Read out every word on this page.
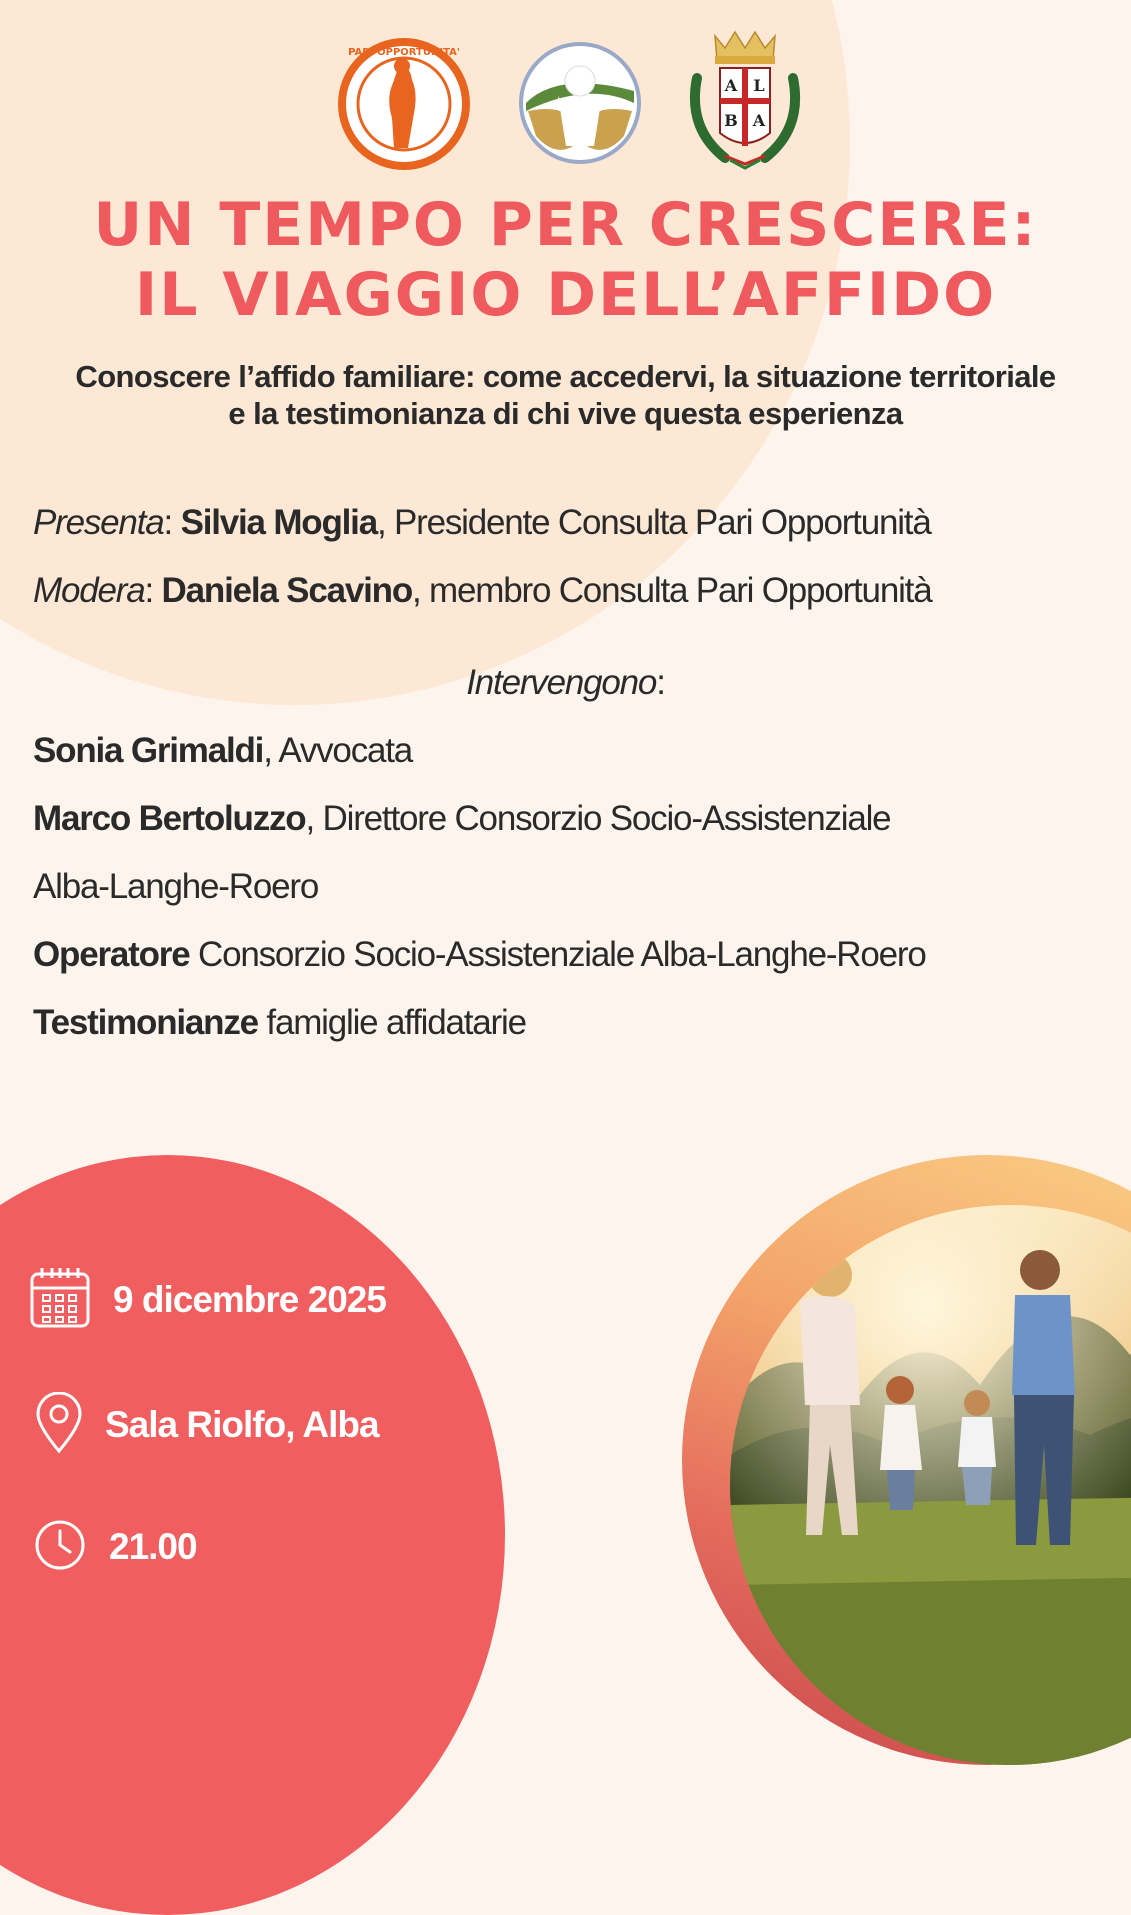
PARI OPPORTUNITA'
A L
B A
UN TEMPO PER CRESCERE:
IL VIAGGIO DELL’AFFIDO
Conoscere l’affido familiare: come accedervi, la situazione territoriale
e la testimonianza di chi vive questa esperienza
Presenta: Silvia Moglia, Presidente Consulta Pari Opportunità
Modera: Daniela Scavino, membro Consulta Pari Opportunità
Intervengono:
Sonia Grimaldi, Avvocata
Marco Bertoluzzo, Direttore Consorzio Socio-Assistenziale
Alba-Langhe-Roero
Operatore Consorzio Socio-Assistenziale Alba-Langhe-Roero
Testimonianze famiglie affidatarie
9 dicembre 2025
Sala Riolfo, Alba
21.00
